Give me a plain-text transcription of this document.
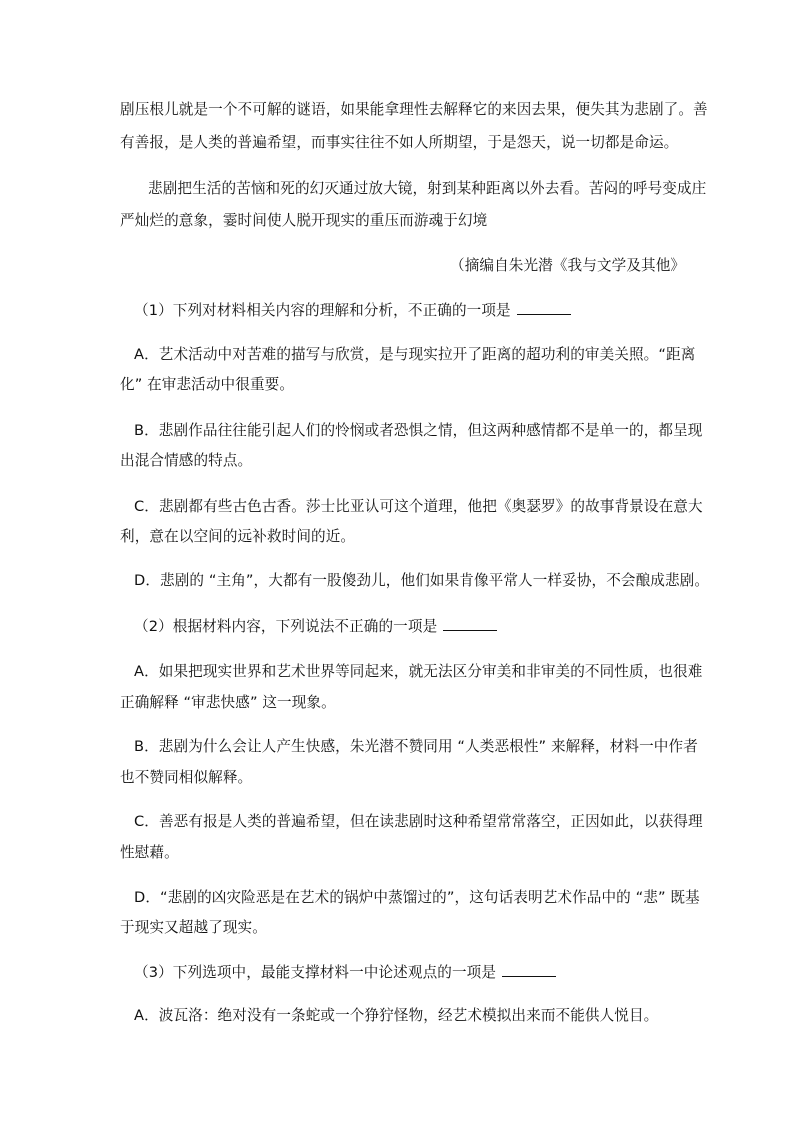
剧压根儿就是一个不可解的谜语，如果能拿理性去解释它的来因去果，便失其为悲剧了。善
有善报，是人类的普遍希望，而事实往往不如人所期望，于是怨天，说一切都是命运。
悲剧把生活的苦恼和死的幻灭通过放大镜，射到某种距离以外去看。苦闷的呼号变成庄
严灿烂的意象，霎时间使人脱开现实的重压而游魂于幻境
（摘编自朱光潜《我与文学及其他》
（1）下列对材料相关内容的理解和分析，不正确的一项是
A．艺术活动中对苦难的描写与欣赏，是与现实拉开了距离的超功利的审美关照。“距离
化” 在审悲活动中很重要。
B．悲剧作品往往能引起人们的怜悯或者恐惧之情，但这两种感情都不是单一的，都呈现
出混合情感的特点。
C．悲剧都有些古色古香。莎士比亚认可这个道理，他把《奥瑟罗》的故事背景设在意大
利，意在以空间的远补救时间的近。
D．悲剧的 “主角”，大都有一股傻劲儿，他们如果肯像平常人一样妥协，不会酿成悲剧。
（2）根据材料内容，下列说法不正确的一项是
A．如果把现实世界和艺术世界等同起来，就无法区分审美和非审美的不同性质，也很难
正确解释 “审悲快感” 这一现象。
B．悲剧为什么会让人产生快感，朱光潜不赞同用 “人类恶根性” 来解释，材料一中作者
也不赞同相似解释。
C．善恶有报是人类的普遍希望，但在读悲剧时这种希望常常落空，正因如此，以获得理
性慰藉。
D．“悲剧的凶灾险恶是在艺术的锅炉中蒸馏过的”，这句话表明艺术作品中的 “悲” 既基
于现实又超越了现实。
（3）下列选项中，最能支撑材料一中论述观点的一项是
A．波瓦洛：绝对没有一条蛇或一个狰狞怪物，经艺术模拟出来而不能供人悦目。
